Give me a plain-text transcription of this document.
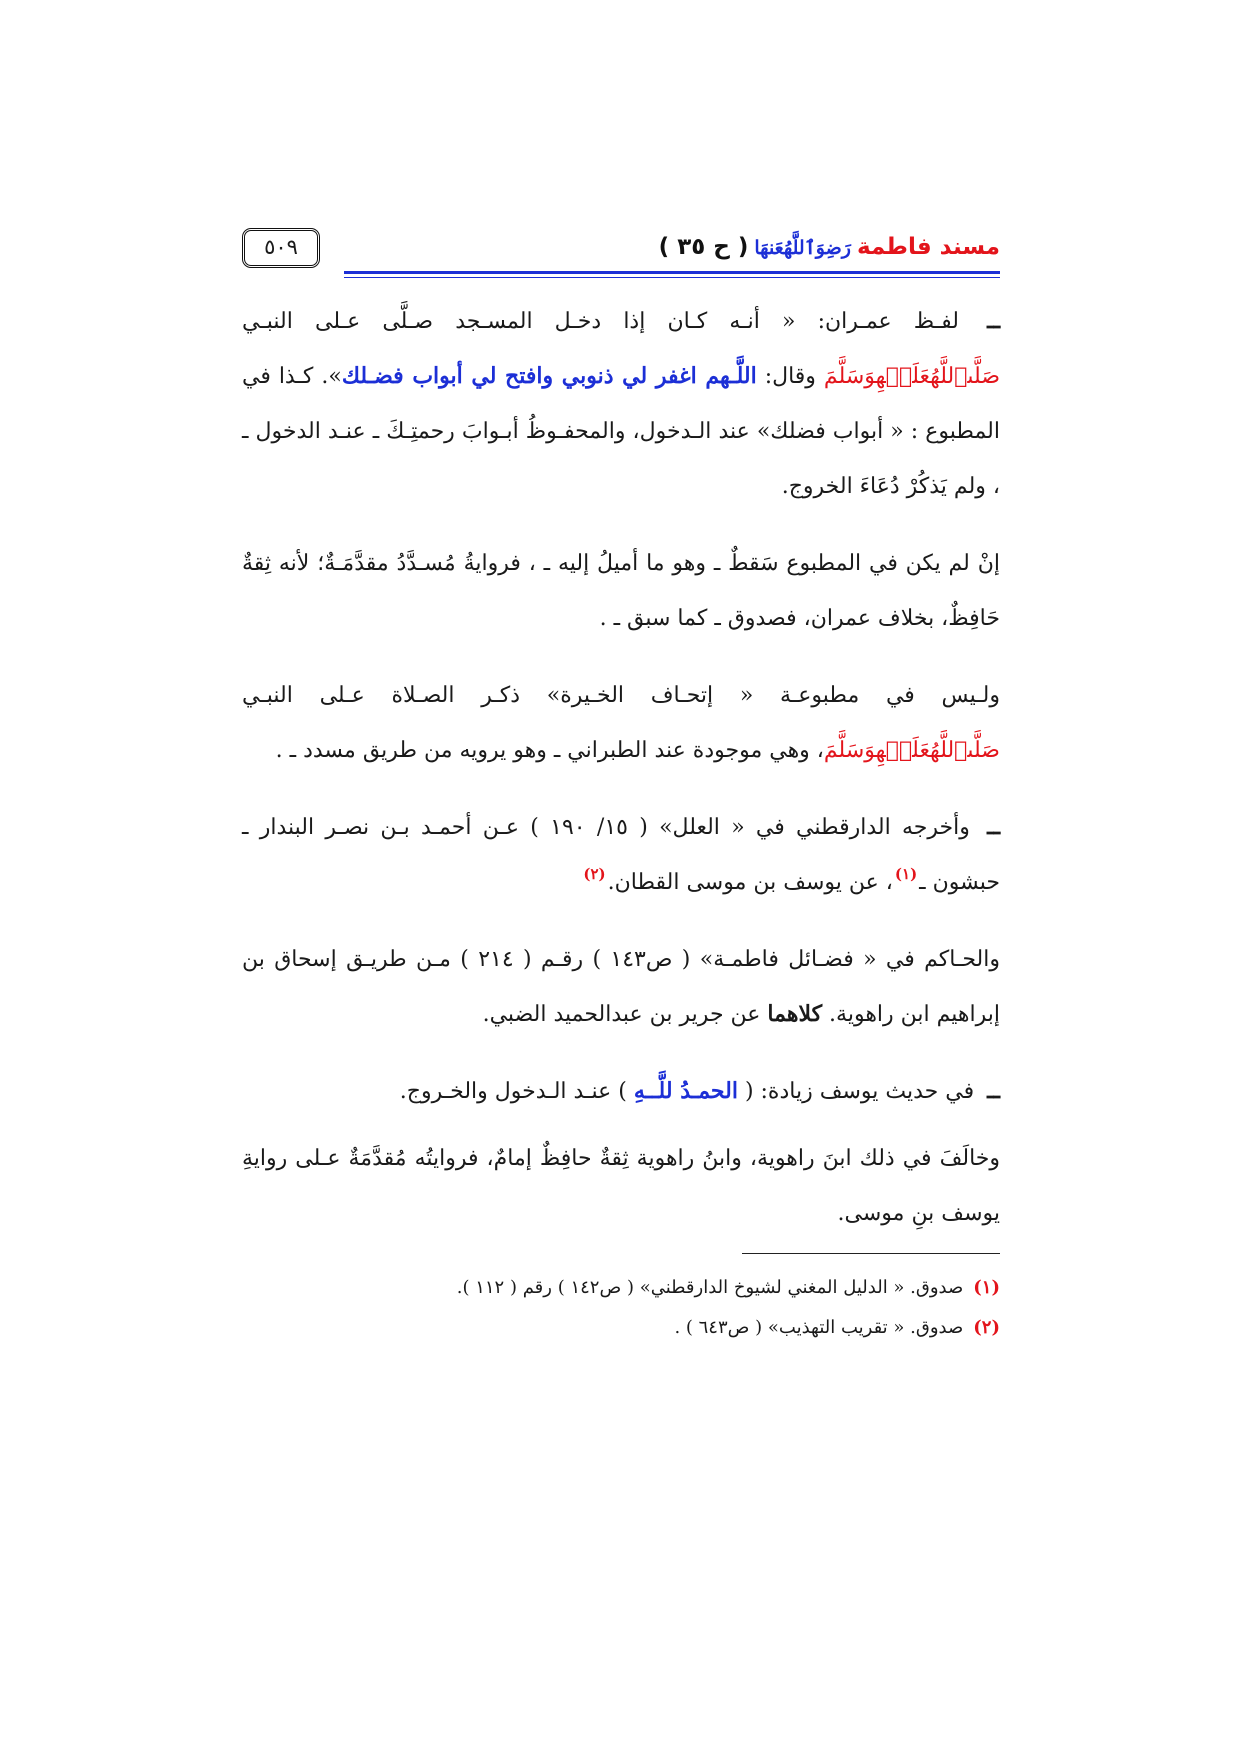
مسند فاطمةرَضِوَٱللَّهُعَنهَا( ح ٣٥ )
٥٠٩

ــ لفـظ عمـران: « أنـه كـان إذا دخـل المسـجد صـلَّى عـلى النبـي صَلَّىٱللَّهُعَلَيۡهِوَسَلَّمَ وقال: اللَّـهم اغفر لي ذنوبي وافتح لي أبواب فضـلك». كـذا في المطبوع : « أبواب فضلك» عند الـدخول، والمحفـوظُ أبـوابَ رحمتِـكَ ـ عنـد الدخول ـ ، ولم يَذكُرْ دُعَاءَ الخروج.

إنْ لم يكن في المطبوع سَقطٌ ـ وهو ما أميلُ إليه ـ ، فروايةُ مُسـدَّدُ مقدَّمَـةٌ؛ لأنه ثِقةٌ حَافِظٌ، بخلاف عمران، فصدوق ـ كما سبق ـ .

ولـيس في مطبوعـة « إتحـاف الخـيرة» ذكـر الصـلاة عـلى النبـي صَلَّىٱللَّهُعَلَيۡهِوَسَلَّمَ، وهي موجودة عند الطبراني ـ وهو يرويه من طريق مسدد ـ .

ــ وأخرجه الدارقطني في « العلل» ( ١٥/ ١٩٠ ) عـن أحمـد بـن نصـر البندار ـ حبشون ـ$^{(١)}$، عن يوسف بن موسى القطان.$^{(٢)}$

والحـاكم في « فضـائل فاطمـة» ( ص١٤٣ ) رقـم ( ٢١٤ ) مـن طريـق إسحاق بن إبراهيم ابن راهوية. كلاهما عن جرير بن عبدالحميد الضبي.

ــ في حديث يوسف زيادة: ( الحمـدُ للَّــهِ ) عنـد الـدخول والخـروج.

وخالَفَ في ذلك ابنَ راهوية، وابنُ راهوية ثِقةٌ حافِظٌ إمامٌ، فروايتُه مُقدَّمَةٌ عـلى روايةِ يوسف بنِ موسى.

(١)صدوق. « الدليل المغني لشيوخ الدارقطني» ( ص١٤٢ ) رقم ( ١١٢ ).

(٢)صدوق. « تقريب التهذيب» ( ص٦٤٣ ) .
